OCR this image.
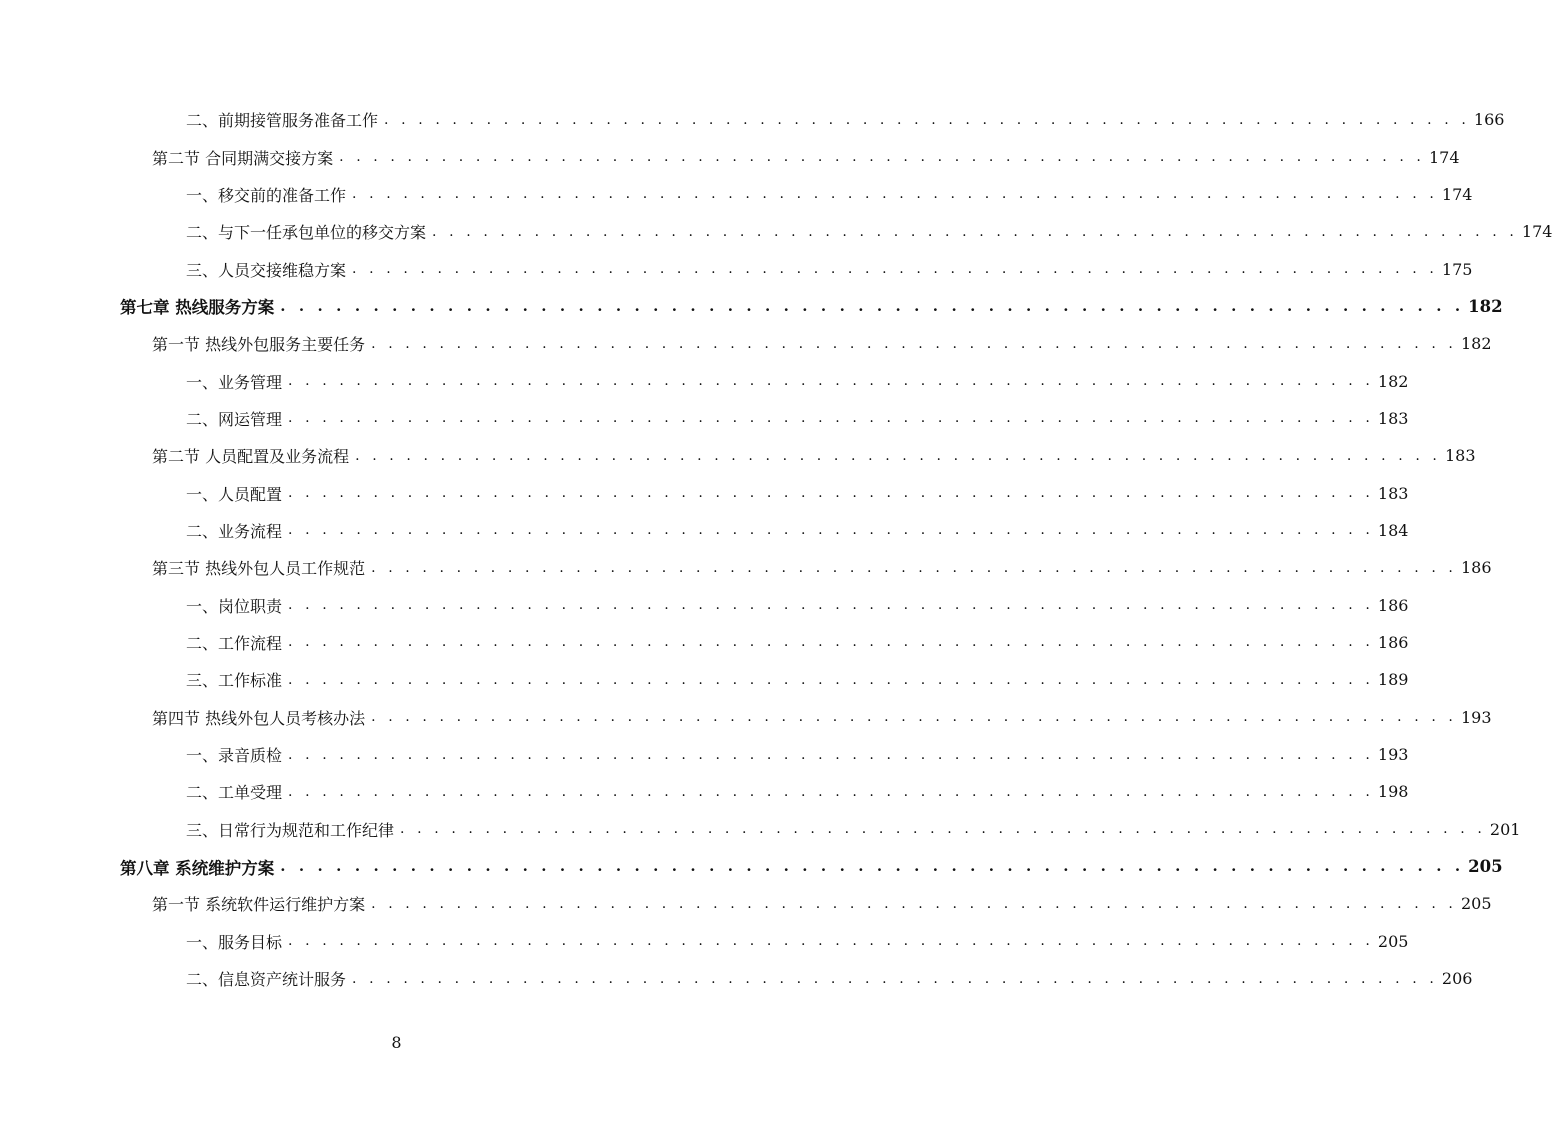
二、前期接管服务准备工作 . . . . . . . . . . . . . . . . . . . . . . . . . . . . . . . . . . . . . . . . . . . . . . . . . . . . . . . . . . . . . . . . 166
第二节 合同期满交接方案 . . . . . . . . . . . . . . . . . . . . . . . . . . . . . . . . . . . . . . . . . . . . . . . . . . . . . . . . . . . . . . . . 174
一、移交前的准备工作 . . . . . . . . . . . . . . . . . . . . . . . . . . . . . . . . . . . . . . . . . . . . . . . . . . . . . . . . . . . . . . . . 174
二、与下一任承包单位的移交方案 . . . . . . . . . . . . . . . . . . . . . . . . . . . . . . . . . . . . . . . . . . . . . . . . . . . . . . . . . . . . . . . . 174
三、人员交接维稳方案 . . . . . . . . . . . . . . . . . . . . . . . . . . . . . . . . . . . . . . . . . . . . . . . . . . . . . . . . . . . . . . . . 175
第七章 热线服务方案 . . . . . . . . . . . . . . . . . . . . . . . . . . . . . . . . . . . . . . . . . . . . . . . . . . . . . . . . . . . . . . . . 182
第一节 热线外包服务主要任务 . . . . . . . . . . . . . . . . . . . . . . . . . . . . . . . . . . . . . . . . . . . . . . . . . . . . . . . . . . . . . . . . 182
一、业务管理 . . . . . . . . . . . . . . . . . . . . . . . . . . . . . . . . . . . . . . . . . . . . . . . . . . . . . . . . . . . . . . . . 182
二、网运管理 . . . . . . . . . . . . . . . . . . . . . . . . . . . . . . . . . . . . . . . . . . . . . . . . . . . . . . . . . . . . . . . . 183
第二节 人员配置及业务流程 . . . . . . . . . . . . . . . . . . . . . . . . . . . . . . . . . . . . . . . . . . . . . . . . . . . . . . . . . . . . . . . . 183
一、人员配置 . . . . . . . . . . . . . . . . . . . . . . . . . . . . . . . . . . . . . . . . . . . . . . . . . . . . . . . . . . . . . . . . 183
二、业务流程 . . . . . . . . . . . . . . . . . . . . . . . . . . . . . . . . . . . . . . . . . . . . . . . . . . . . . . . . . . . . . . . . 184
第三节 热线外包人员工作规范 . . . . . . . . . . . . . . . . . . . . . . . . . . . . . . . . . . . . . . . . . . . . . . . . . . . . . . . . . . . . . . . . 186
一、岗位职责 . . . . . . . . . . . . . . . . . . . . . . . . . . . . . . . . . . . . . . . . . . . . . . . . . . . . . . . . . . . . . . . . 186
二、工作流程 . . . . . . . . . . . . . . . . . . . . . . . . . . . . . . . . . . . . . . . . . . . . . . . . . . . . . . . . . . . . . . . . 186
三、工作标准 . . . . . . . . . . . . . . . . . . . . . . . . . . . . . . . . . . . . . . . . . . . . . . . . . . . . . . . . . . . . . . . . 189
第四节 热线外包人员考核办法 . . . . . . . . . . . . . . . . . . . . . . . . . . . . . . . . . . . . . . . . . . . . . . . . . . . . . . . . . . . . . . . . 193
一、录音质检 . . . . . . . . . . . . . . . . . . . . . . . . . . . . . . . . . . . . . . . . . . . . . . . . . . . . . . . . . . . . . . . . 193
二、工单受理 . . . . . . . . . . . . . . . . . . . . . . . . . . . . . . . . . . . . . . . . . . . . . . . . . . . . . . . . . . . . . . . . 198
三、日常行为规范和工作纪律 . . . . . . . . . . . . . . . . . . . . . . . . . . . . . . . . . . . . . . . . . . . . . . . . . . . . . . . . . . . . . . . . 201
第八章 系统维护方案 . . . . . . . . . . . . . . . . . . . . . . . . . . . . . . . . . . . . . . . . . . . . . . . . . . . . . . . . . . . . . . . . 205
第一节 系统软件运行维护方案 . . . . . . . . . . . . . . . . . . . . . . . . . . . . . . . . . . . . . . . . . . . . . . . . . . . . . . . . . . . . . . . . 205
一、服务目标 . . . . . . . . . . . . . . . . . . . . . . . . . . . . . . . . . . . . . . . . . . . . . . . . . . . . . . . . . . . . . . . . 205
二、信息资产统计服务 . . . . . . . . . . . . . . . . . . . . . . . . . . . . . . . . . . . . . . . . . . . . . . . . . . . . . . . . . . . . . . . . 206
8
